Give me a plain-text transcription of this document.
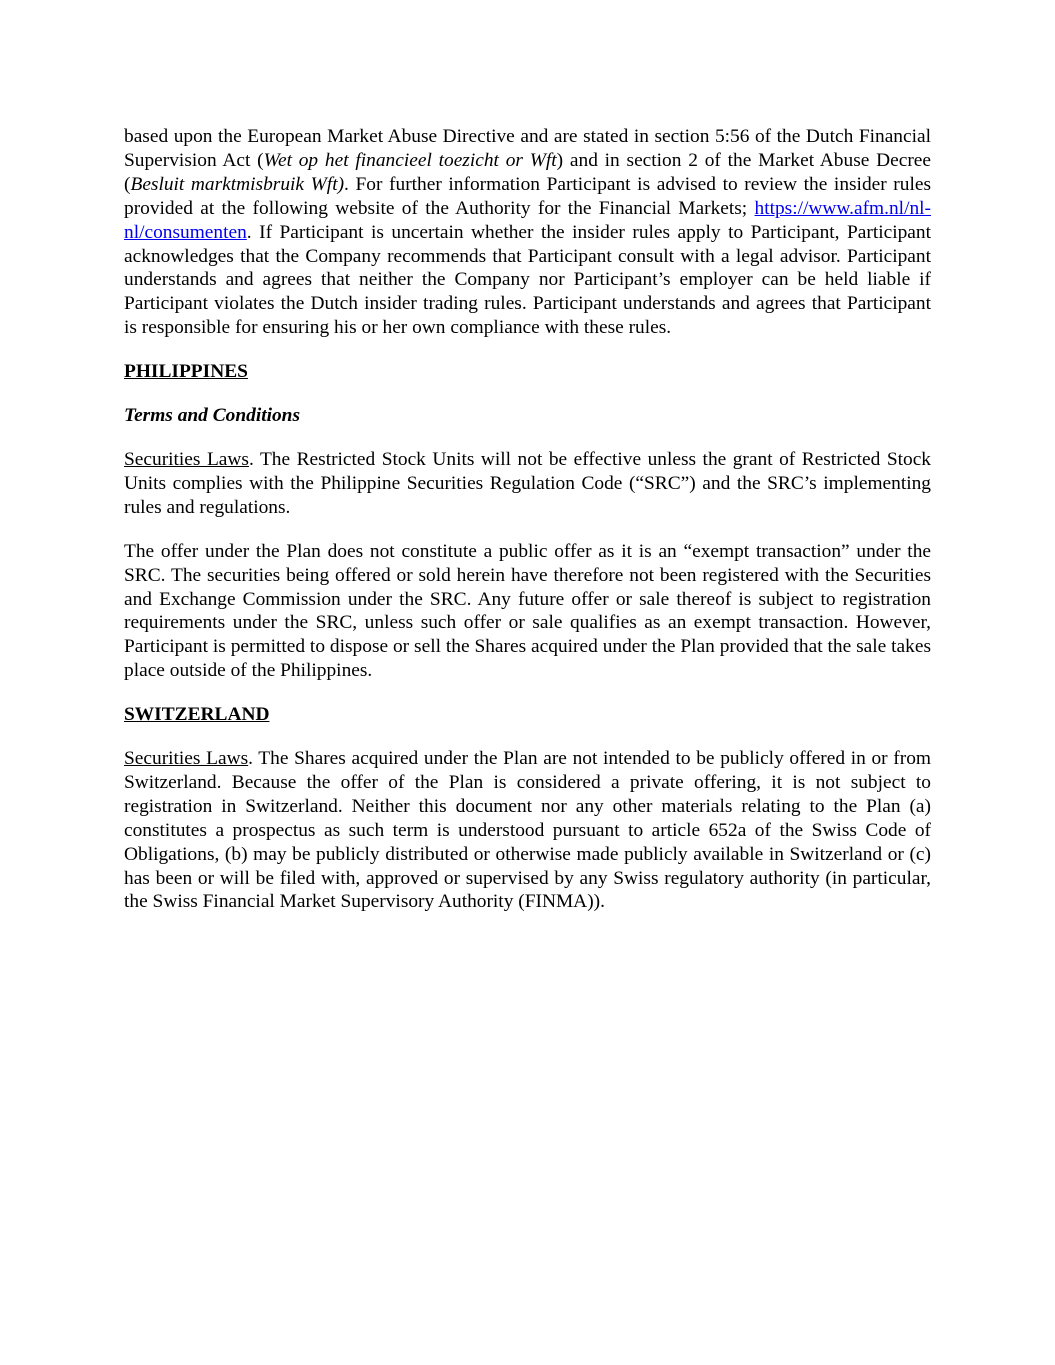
based upon the European Market Abuse Directive and are stated in section 5:56 of the Dutch Financial Supervision Act (Wet op het financieel toezicht or Wft) and in section 2 of the Market Abuse Decree (Besluit marktmisbruik Wft). For further information Participant is advised to review the insider rules provided at the following website of the Authority for the Financial Markets; https://www.afm.nl/nl-nl/consumenten. If Participant is uncertain whether the insider rules apply to Participant, Participant acknowledges that the Company recommends that Participant consult with a legal advisor. Participant understands and agrees that neither the Company nor Participant’s employer can be held liable if Participant violates the Dutch insider trading rules. Participant understands and agrees that Participant is responsible for ensuring his or her own compliance with these rules.

PHILIPPINES

Terms and Conditions

Securities Laws. The Restricted Stock Units will not be effective unless the grant of Restricted Stock Units complies with the Philippine Securities Regulation Code (“SRC”) and the SRC’s implementing rules and regulations.

The offer under the Plan does not constitute a public offer as it is an “exempt transaction” under the SRC. The securities being offered or sold herein have therefore not been registered with the Securities and Exchange Commission under the SRC. Any future offer or sale thereof is subject to registration requirements under the SRC, unless such offer or sale qualifies as an exempt transaction. However, Participant is permitted to dispose or sell the Shares acquired under the Plan provided that the sale takes place outside of the Philippines.

SWITZERLAND

Securities Laws. The Shares acquired under the Plan are not intended to be publicly offered in or from Switzerland. Because the offer of the Plan is considered a private offering, it is not subject to registration in Switzerland. Neither this document nor any other materials relating to the Plan (a) constitutes a prospectus as such term is understood pursuant to article 652a of the Swiss Code of Obligations, (b) may be publicly distributed or otherwise made publicly available in Switzerland or (c) has been or will be filed with, approved or supervised by any Swiss regulatory authority (in particular, the Swiss Financial Market Supervisory Authority (FINMA)).
